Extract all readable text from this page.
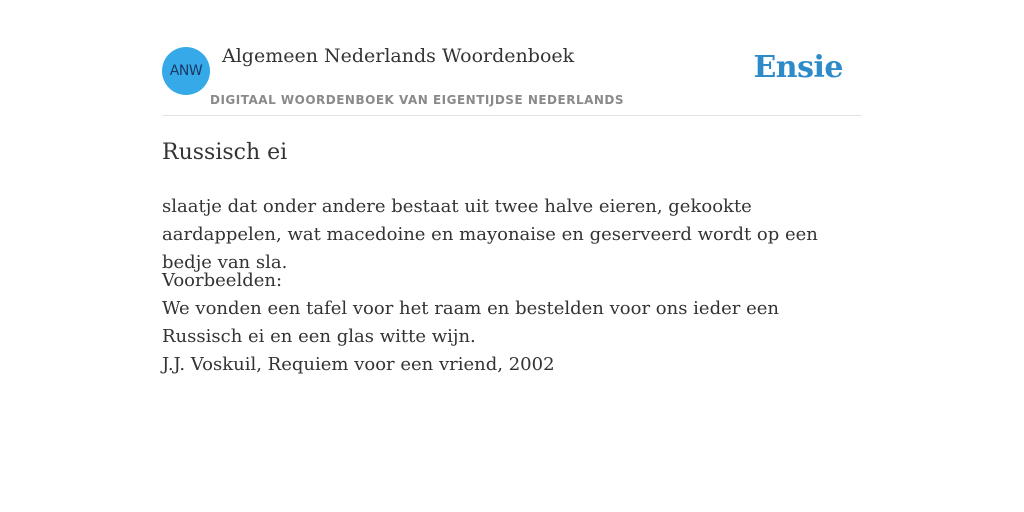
ANW
Algemeen Nederlands Woordenboek
DIGITAAL WOORDENBOEK VAN EIGENTIJDSE NEDERLANDS
Ensie
Russisch ei

slaatje dat onder andere bestaat uit twee halve eieren, gekookte aardappelen, wat macedoine en mayonaise en geserveerd wordt op een bedje van sla.

Voorbeelden:
We vonden een tafel voor het raam en bestelden voor ons ieder een Russisch ei en een glas witte wijn.
J.J. Voskuil, Requiem voor een vriend, 2002
